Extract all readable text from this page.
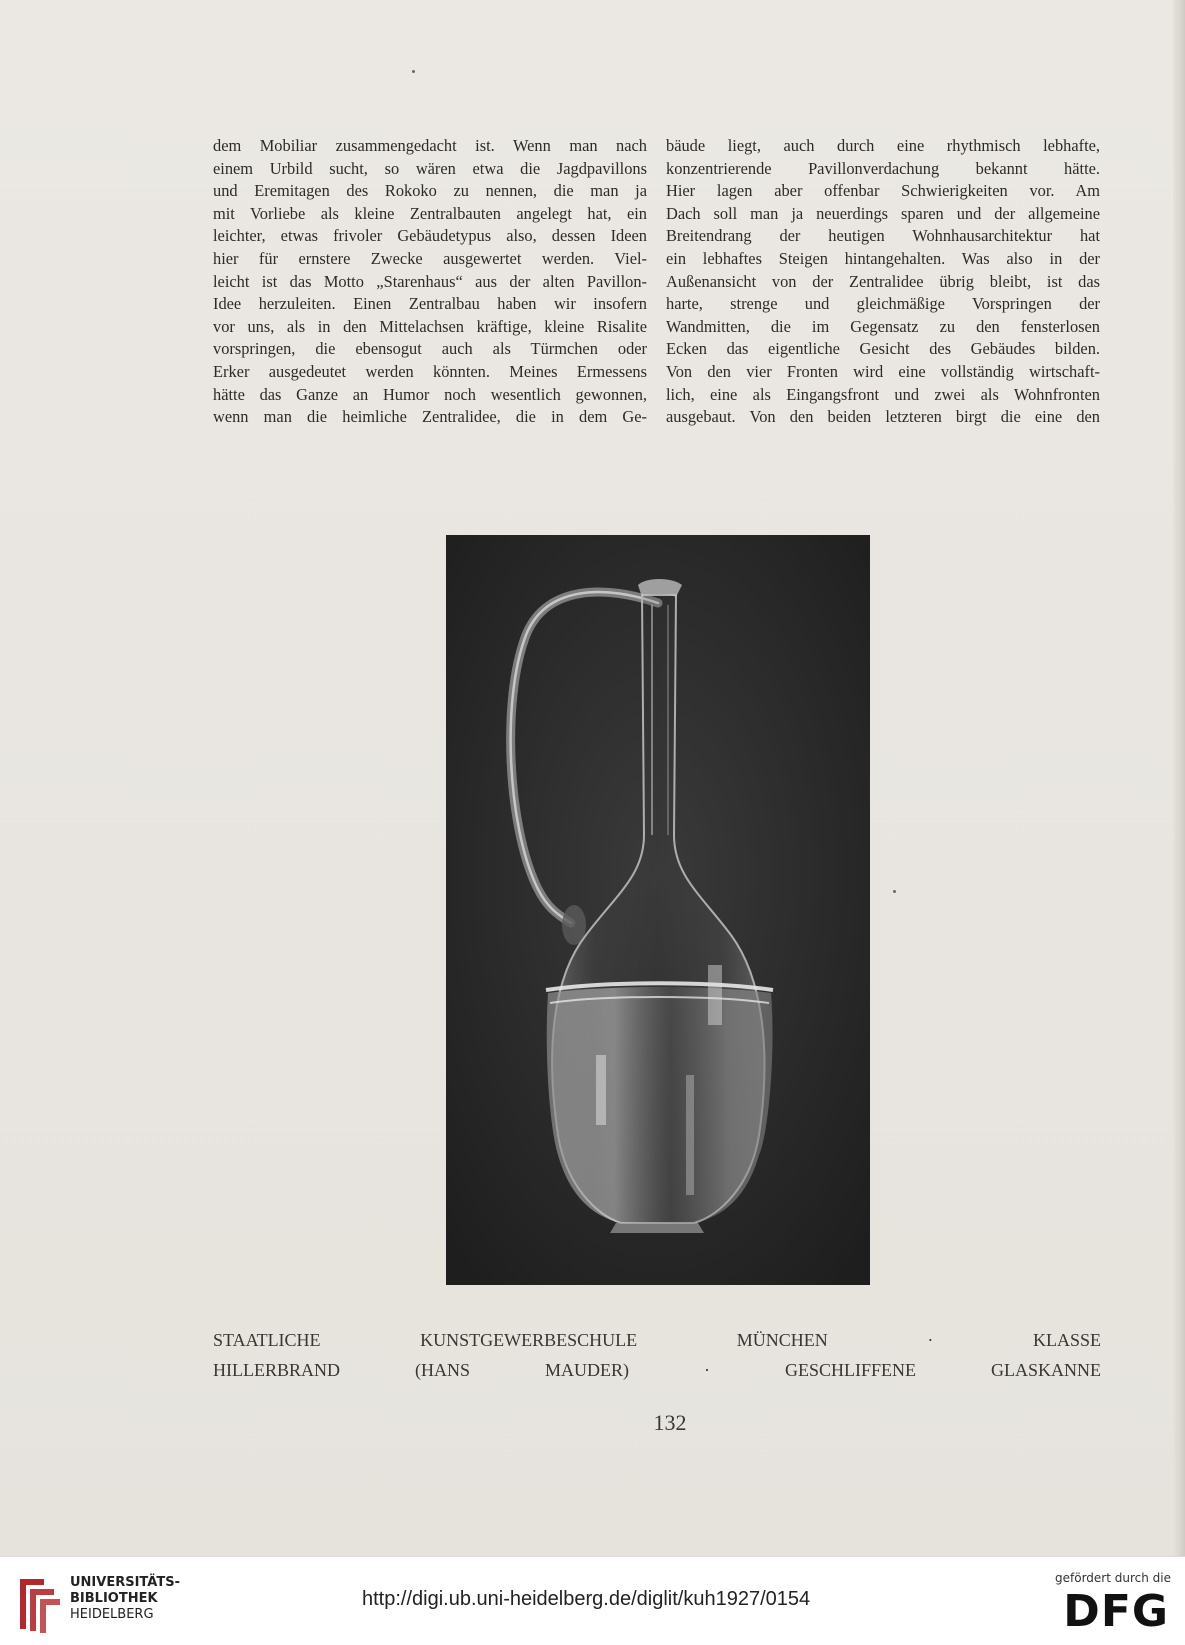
dem Mobiliar zusammengedacht ist. Wenn man nach
einem Urbild sucht, so wären etwa die Jagdpavillons
und Eremitagen des Rokoko zu nennen, die man ja
mit Vorliebe als kleine Zentralbauten angelegt hat, ein
leichter, etwas frivoler Gebäudetypus also, dessen Ideen
hier für ernstere Zwecke ausgewertet werden. Viel-
leicht ist das Motto „Starenhaus“ aus der alten Pavillon-
Idee herzuleiten. Einen Zentralbau haben wir insofern
vor uns, als in den Mittelachsen kräftige, kleine Risalite
vorspringen, die ebensogut auch als Türmchen oder
Erker ausgedeutet werden könnten. Meines Ermessens
hätte das Ganze an Humor noch wesentlich gewonnen,
wenn man die heimliche Zentralidee, die in dem Ge-
bäude liegt, auch durch eine rhythmisch lebhafte,
konzentrierende Pavillonverdachung bekannt hätte.
Hier lagen aber offenbar Schwierigkeiten vor. Am
Dach soll man ja neuerdings sparen und der allgemeine
Breitendrang der heutigen Wohnhausarchitektur hat
ein lebhaftes Steigen hintangehalten. Was also in der
Außenansicht von der Zentralidee übrig bleibt, ist das
harte, strenge und gleichmäßige Vorspringen der
Wandmitten, die im Gegensatz zu den fensterlosen
Ecken das eigentliche Gesicht des Gebäudes bilden.
Von den vier Fronten wird eine vollständig wirtschaft-
lich, eine als Eingangsfront und zwei als Wohnfronten
ausgebaut. Von den beiden letzteren birgt die eine den
STAATLICHE KUNSTGEWERBESCHULE MÜNCHEN · KLASSE
HILLERBRAND (HANS MAUDER) · GESCHLIFFENE GLASKANNE
132
UNIVERSITÄTS-
BIBLIOTHEK
HEIDELBERG
http://digi.ub.uni-heidelberg.de/diglit/kuh1927/0154
gefördert durch die
DFG
